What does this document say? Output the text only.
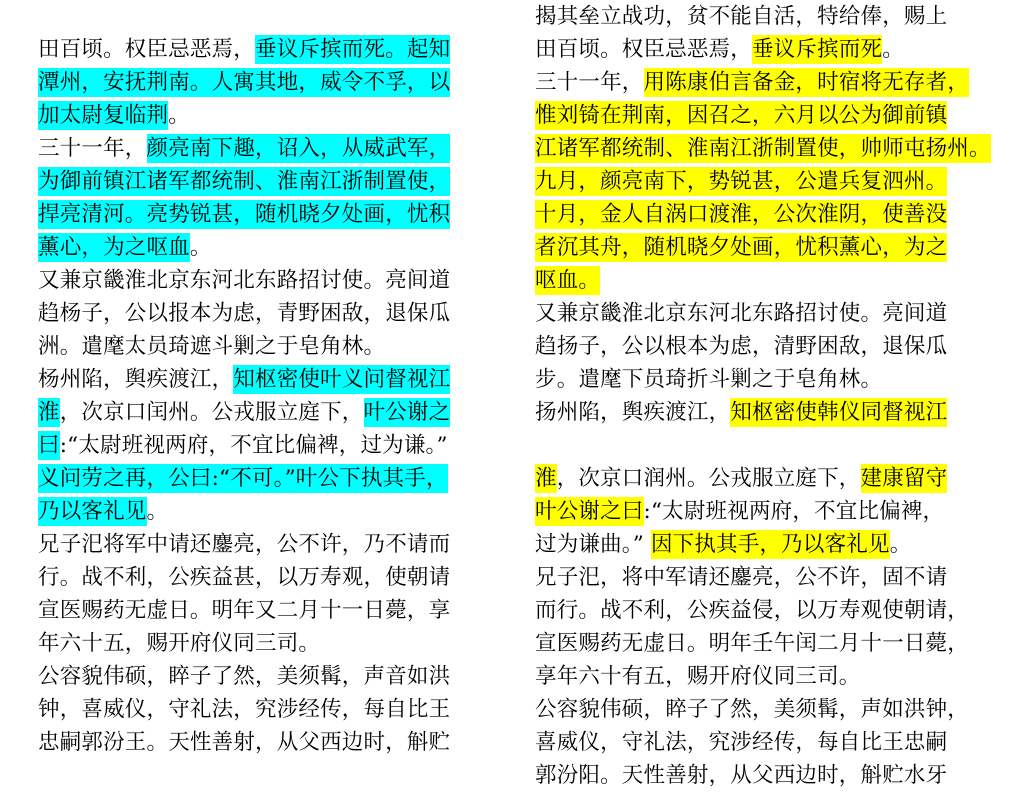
田百顷。权臣忌恶焉，垂议斥摈而死。起知
潭州，安抚荆南。人寓其地，威令不孚，以
加太尉复临荆。
三十一年，颜亮南下趣，诏入，从威武军，
为御前镇江诸军都统制、淮南江浙制置使，
捍亮清河。亮势锐甚，随机晓夕处画，忧积
薰心，为之呕血。
又兼京畿淮北京东河北东路招讨使。亮间道
趋杨子，公以报本为虑，青野困敌，退保瓜
洲。遣麾太员琦遮斗剿之于皂角林。
杨州陷，舆疾渡江，知枢密使叶义问督视江
淮，次京口闰州。公戎服立庭下，叶公谢之
曰:“太尉班视两府，不宜比偏裨，过为谦。”
义问劳之再，公曰:“不可。”叶公下执其手，
乃以客礼见。
兄子汜将军中请还鏖亮，公不许，乃不请而
行。战不利，公疾益甚，以万寿观，使朝请
宣医赐药无虚日。明年又二月十一日薨，享
年六十五，赐开府仪同三司。
公容貌伟硕，睟子了然，美须髯，声音如洪
钟，喜威仪，守礼法，究涉经传，每自比王
忠嗣郭汾王。天性善射，从父西边时，斛贮
揭其垒立战功，贫不能自活，特给俸，赐上
田百顷。权臣忌恶焉，垂议斥摈而死。
三十一年，用陈康伯言备金，时宿将无存者，
惟刘锜在荆南，因召之，六月以公为御前镇
江诸军都统制、淮南江浙制置使，帅师屯扬州。
九月，颜亮南下，势锐甚，公遣兵复泗州。
十月，金人自涡口渡淮，公次淮阴，使善没
者沉其舟，随机晓夕处画，忧积薰心，为之
呕血。
又兼京畿淮北京东河北东路招讨使。亮间道
趋扬子，公以根本为虑，清野困敌，退保瓜
步。遣麾下员琦折斗剿之于皂角林。
扬州陷，舆疾渡江，知枢密使韩仪同督视江
淮，次京口润州。公戎服立庭下，建康留守
叶公谢之曰:“太尉班视两府，不宜比偏裨，
过为谦曲。” 因下执其手，乃以客礼见。
兄子汜，将中军请还鏖亮，公不许，固不请
而行。战不利，公疾益侵，以万寿观使朝请，
宣医赐药无虚日。明年壬午闰二月十一日薨，
享年六十有五，赐开府仪同三司。
公容貌伟硕，睟子了然，美须髯，声如洪钟，
喜威仪，守礼法，究涉经传，每自比王忠嗣
郭汾阳。天性善射，从父西边时，斛贮水牙
